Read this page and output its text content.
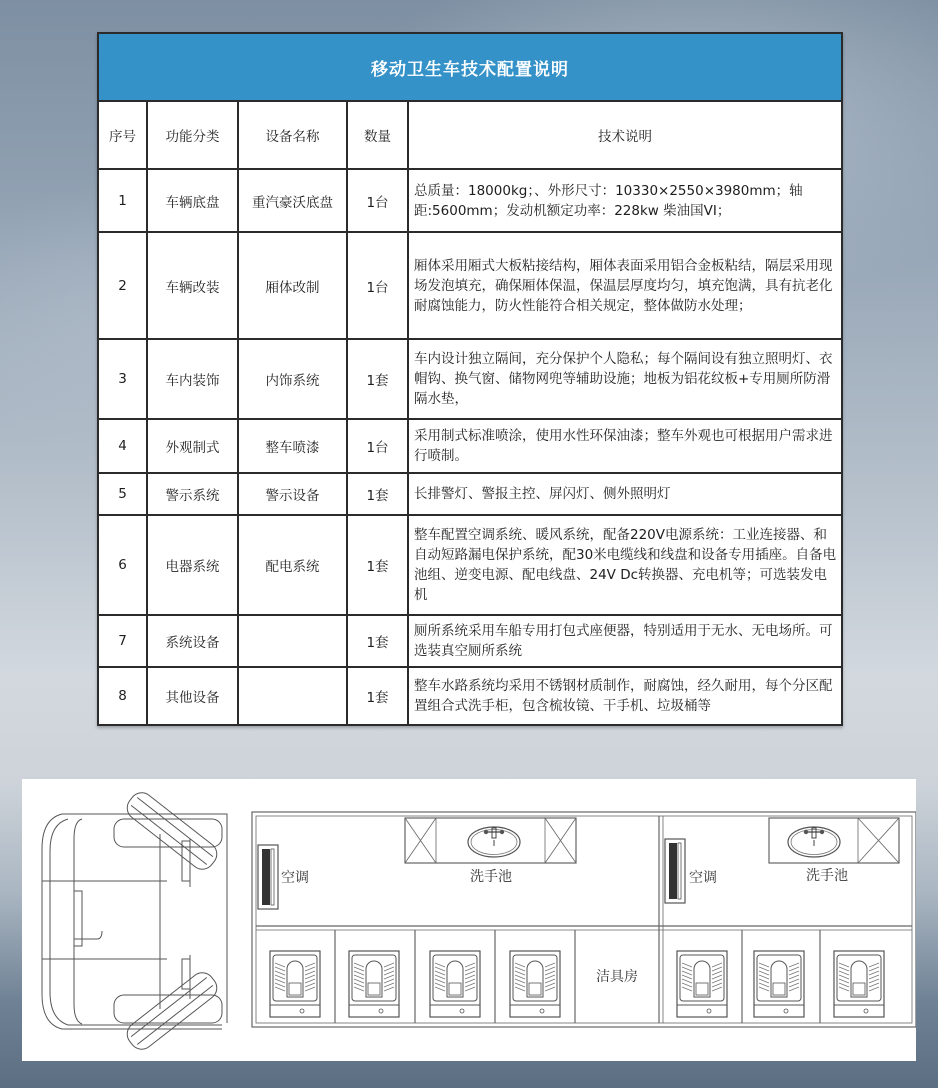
移动卫生车技术配置说明				
序号	功能分类	设备名称	数量	技术说明
1	车辆底盘	重汽豪沃底盘	1台	总质量：18000kg；、外形尺寸：10330×2550×3980mm；轴距:5600mm；发动机额定功率：228kw 柴油国VI；
2	车辆改装	厢体改制	1台	厢体采用厢式大板粘接结构，厢体表面采用铝合金板粘结，隔层采用现场发泡填充，确保厢体保温，保温层厚度均匀，填充饱满，具有抗老化耐腐蚀能力，防火性能符合相关规定，整体做防水处理；
3	车内装饰	内饰系统	1套	车内设计独立隔间，充分保护个人隐私；每个隔间设有独立照明灯、衣帽钩、换气窗、储物网兜等辅助设施；地板为铝花纹板+专用厕所防滑隔水垫，
4	外观制式	整车喷漆	1台	采用制式标准喷涂，使用水性环保油漆；整车外观也可根据用户需求进行喷制。
5	警示系统	警示设备	1套	长排警灯、警报主控、屏闪灯、侧外照明灯
6	电器系统	配电系统	1套	整车配置空调系统、暖风系统，配备220V电源系统：工业连接器、和自动短路漏电保护系统，配30米电缆线和线盘和设备专用插座。自备电池组、逆变电源、配电线盘、24V Dc转换器、充电机等；可选装发电机
7	系统设备		1套	厕所系统采用车船专用打包式座便器，特别适用于无水、无电场所。可选装真空厕所系统
8	其他设备		1套	整车水路系统均采用不锈钢材质制作，耐腐蚀，经久耐用，每个分区配置组合式洗手柜，包含梳妆镜、干手机、垃圾桶等
空调	洗手池	空调	洗手池
洁具房
